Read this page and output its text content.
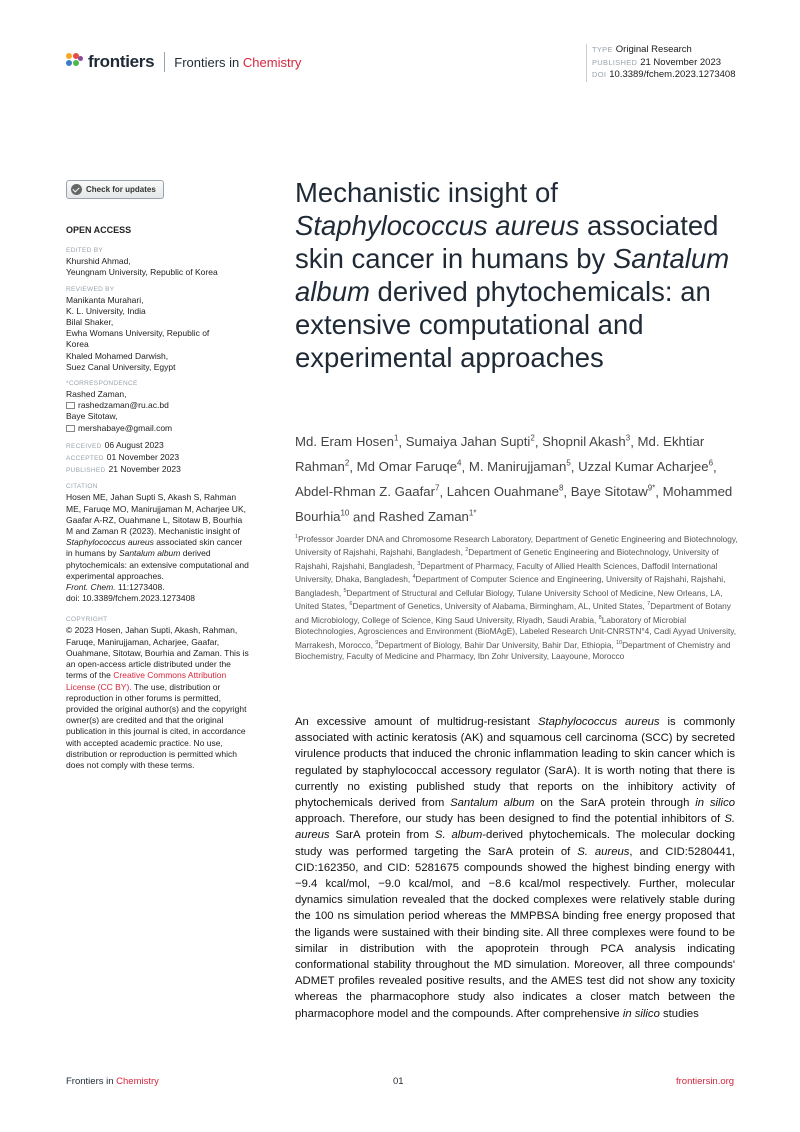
frontiers Frontiers in Chemistry
TYPE Original Research
PUBLISHED 21 November 2023
DOI 10.3389/fchem.2023.1273408
Check for updates
OPEN ACCESS
EDITED BY
Khurshid Ahmad,
Yeungnam University, Republic of Korea
REVIEWED BY
Manikanta Murahari,
K. L. University, India
Bilal Shaker,
Ewha Womans University, Republic of
Korea
Khaled Mohamed Darwish,
Suez Canal University, Egypt
*CORRESPONDENCE
Rashed Zaman,
rashedzaman@ru.ac.bd
Baye Sitotaw,
mershabaye@gmail.com
RECEIVED 06 August 2023
ACCEPTED 01 November 2023
PUBLISHED 21 November 2023
CITATION
Hosen ME, Jahan Supti S, Akash S, Rahman ME, Faruqe MO, Manirujjaman M, Acharjee UK, Gaafar A-RZ, Ouahmane L, Sitotaw B, Bourhia M and Zaman R (2023). Mechanistic insight of Staphylococcus aureus associated skin cancer in humans by Santalum album derived phytochemicals: an extensive computational and experimental approaches.
Front. Chem. 11:1273408.
doi: 10.3389/fchem.2023.1273408
COPYRIGHT
© 2023 Hosen, Jahan Supti, Akash, Rahman, Faruqe, Manirujjaman, Acharjee, Gaafar, Ouahmane, Sitotaw, Bourhia and Zaman. This is an open-access article distributed under the terms of the Creative Commons Attribution License (CC BY). The use, distribution or reproduction in other forums is permitted, provided the original author(s) and the copyright owner(s) are credited and that the original publication in this journal is cited, in accordance with accepted academic practice. No use, distribution or reproduction is permitted which does not comply with these terms.
Mechanistic insight of
Staphylococcus aureus associated skin cancer in humans by Santalum album derived phytochemicals: an extensive computational and experimental approaches
Md. Eram Hosen$^1$, Sumaiya Jahan Supti$^2$, Shopnil Akash$^3$, Md. Ekhtiar Rahman$^2$, Md Omar Faruqe$^4$, M. Manirujjaman$^5$, Uzzal Kumar Acharjee$^6$, Abdel-Rhman Z. Gaafar$^7$, Lahcen Ouahmane$^8$, Baye Sitotaw$^{9*}$, Mohammed Bourhia$^{10}$ and Rashed Zaman$^{1*}$
$^1$Professor Joarder DNA and Chromosome Research Laboratory, Department of Genetic Engineering and Biotechnology, University of Rajshahi, Rajshahi, Bangladesh, $^2$Department of Genetic Engineering and Biotechnology, University of Rajshahi, Rajshahi, Bangladesh, $^3$Department of Pharmacy, Faculty of Allied Health Sciences, Daffodil International University, Dhaka, Bangladesh, $^4$Department of Computer Science and Engineering, University of Rajshahi, Rajshahi, Bangladesh, $^5$Department of Structural and Cellular Biology, Tulane University School of Medicine, New Orleans, LA, United States, $^6$Department of Genetics, University of Alabama, Birmingham, AL, United States, $^7$Department of Botany and Microbiology, College of Science, King Saud University, Riyadh, Saudi Arabia, $^8$Laboratory of Microbial Biotechnologies, Agrosciences and Environment (BioMAgE), Labeled Research Unit-CNRSTN°4, Cadi Ayyad University, Marrakesh, Morocco, $^9$Department of Biology, Bahir Dar University, Bahir Dar, Ethiopia, $^{10}$Department of Chemistry and Biochemistry, Faculty of Medicine and Pharmacy, Ibn Zohr University, Laayoune, Morocco
An excessive amount of multidrug-resistant Staphylococcus aureus is commonly associated with actinic keratosis (AK) and squamous cell carcinoma (SCC) by secreted virulence products that induced the chronic inflammation leading to skin cancer which is regulated by staphylococcal accessory regulator (SarA). It is worth noting that there is currently no existing published study that reports on the inhibitory activity of phytochemicals derived from Santalum album on the SarA protein through in silico approach. Therefore, our study has been designed to find the potential inhibitors of S. aureus SarA protein from S. album-derived phytochemicals. The molecular docking study was performed targeting the SarA protein of S. aureus, and CID:5280441, CID:162350, and CID: 5281675 compounds showed the highest binding energy with −9.4 kcal/mol, −9.0 kcal/mol, and −8.6 kcal/mol respectively. Further, molecular dynamics simulation revealed that the docked complexes were relatively stable during the 100 ns simulation period whereas the MMPBSA binding free energy proposed that the ligands were sustained with their binding site. All three complexes were found to be similar in distribution with the apoprotein through PCA analysis indicating conformational stability throughout the MD simulation. Moreover, all three compounds' ADMET profiles revealed positive results, and the AMES test did not show any toxicity whereas the pharmacophore study also indicates a closer match between the pharmacophore model and the compounds. After comprehensive in silico studies
Frontiers in Chemistry	01	frontiersin.org
